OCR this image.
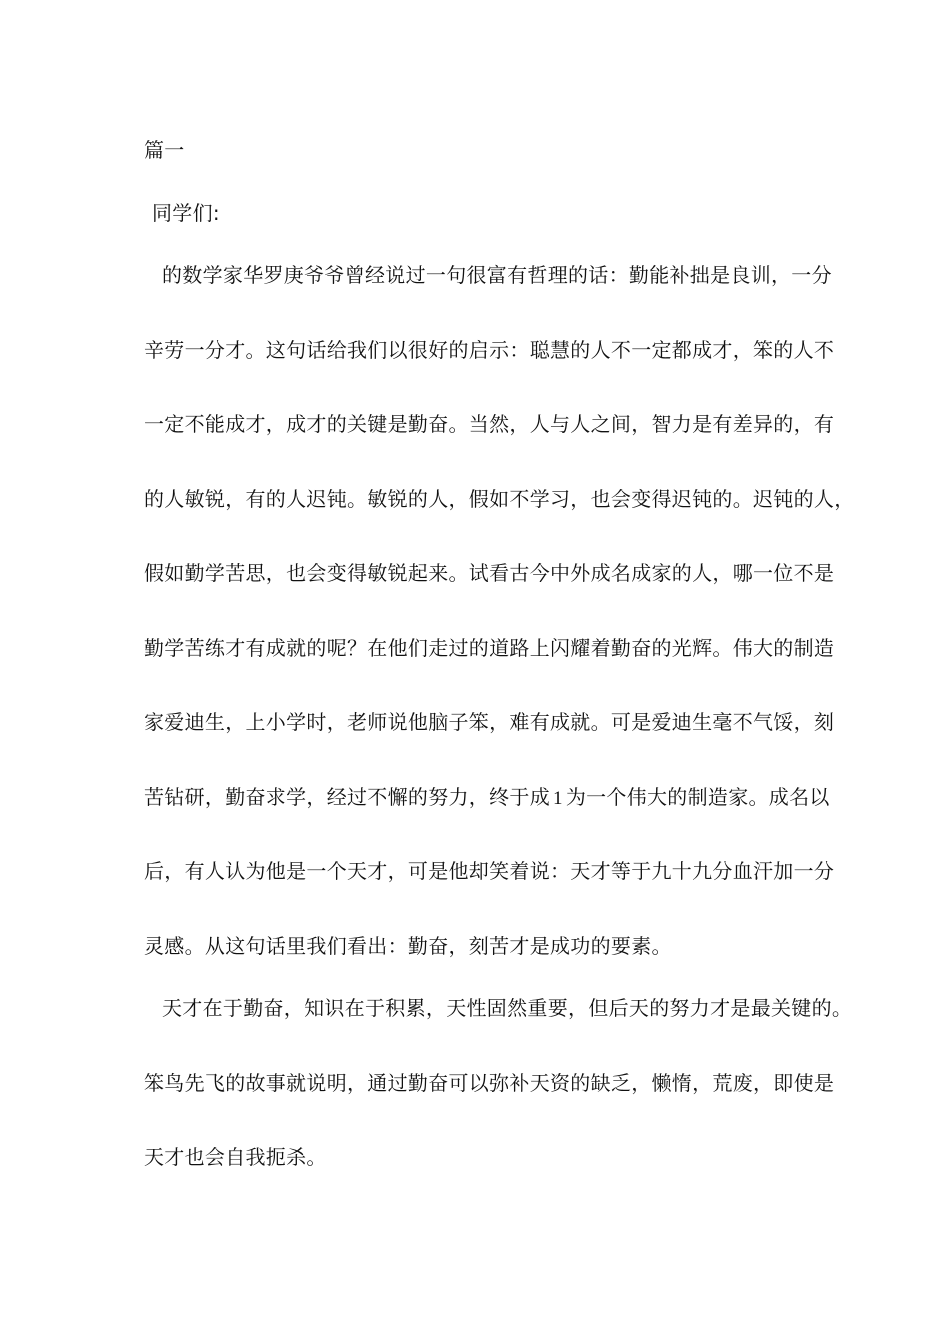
篇一
同学们:
的数学家华罗庚爷爷曾经说过一句很富有哲理的话：勤能补拙是良训，一分
辛劳一分才。这句话给我们以很好的启示：聪慧的人不一定都成才，笨的人不
一定不能成才，成才的关键是勤奋。当然，人与人之间，智力是有差异的，有
的人敏锐，有的人迟钝。敏锐的人，假如不学习，也会变得迟钝的。迟钝的人，
假如勤学苦思，也会变得敏锐起来。试看古今中外成名成家的人，哪一位不是
勤学苦练才有成就的呢？在他们走过的道路上闪耀着勤奋的光辉。伟大的制造
家爱迪生，上小学时，老师说他脑子笨，难有成就。可是爱迪生毫不气馁，刻
苦钻研，勤奋求学，经过不懈的努力，终于成 1 为一个伟大的制造家。成名以
后，有人认为他是一个天才，可是他却笑着说：天才等于九十九分血汗加一分
灵感。从这句话里我们看出：勤奋，刻苦才是成功的要素。
天才在于勤奋，知识在于积累，天性固然重要，但后天的努力才是最关键的。
笨鸟先飞的故事就说明，通过勤奋可以弥补天资的缺乏，懒惰，荒废，即使是
天才也会自我扼杀。
